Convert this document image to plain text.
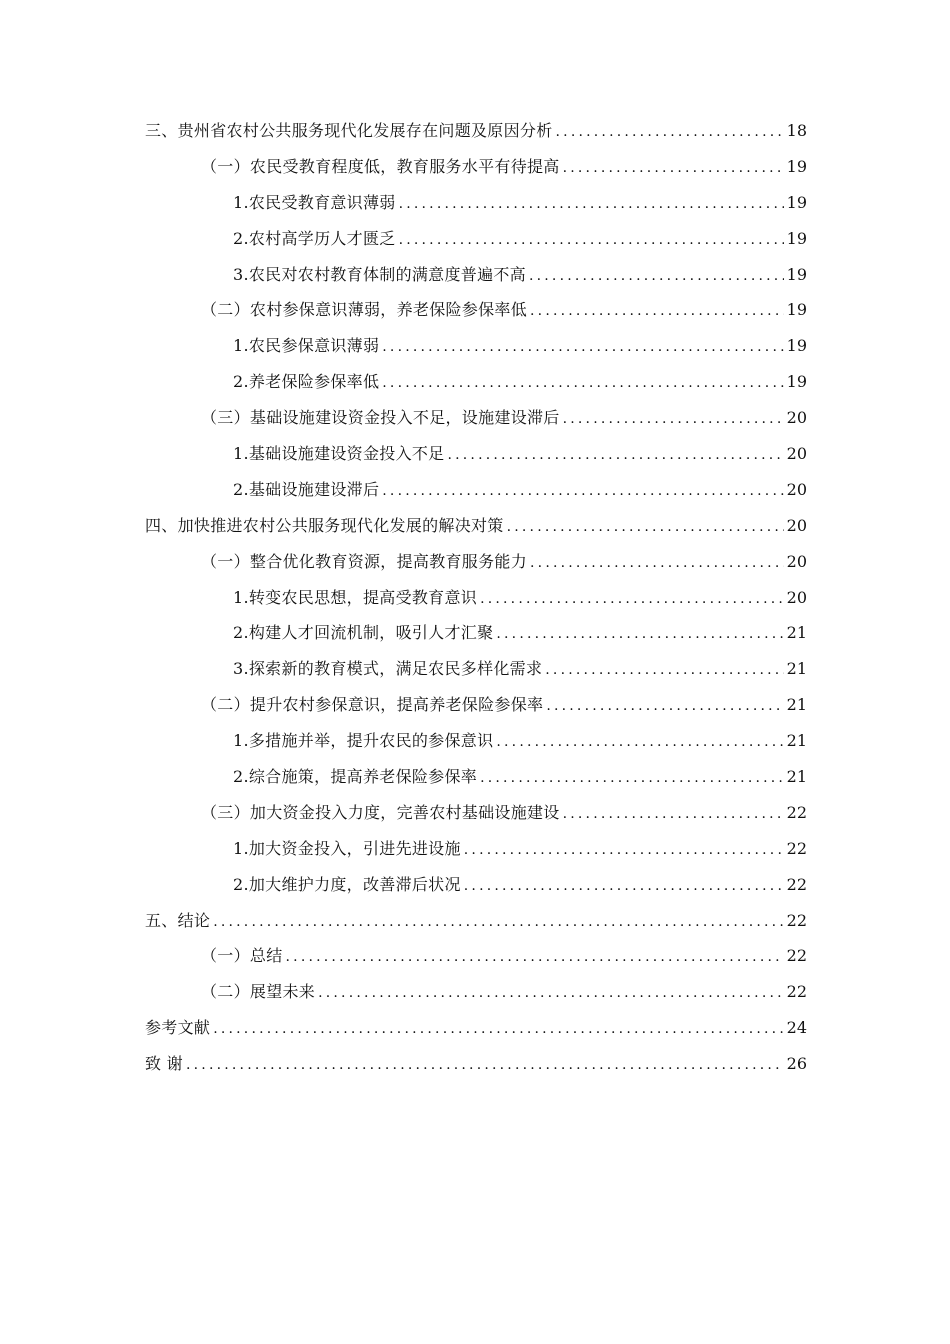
三、贵州省农村公共服务现代化发展存在问题及原因分析 .....	18
（一）农民受教育程度低，教育服务水平有待提高 .....	19
1.农民受教育意识薄弱 .....	19
2.农村高学历人才匮乏 .....	19
3.农民对农村教育体制的满意度普遍不高 .....	19
（二）农村参保意识薄弱，养老保险参保率低 .....	19
1.农民参保意识薄弱 .....	19
2.养老保险参保率低 .....	19
（三）基础设施建设资金投入不足，设施建设滞后 .....	20
1.基础设施建设资金投入不足 .....	20
2.基础设施建设滞后 .....	20
四、加快推进农村公共服务现代化发展的解决对策 .....	20
（一）整合优化教育资源，提高教育服务能力 .....	20
1.转变农民思想，提高受教育意识 .....	20
2.构建人才回流机制，吸引人才汇聚 .....	21
3.探索新的教育模式，满足农民多样化需求 .....	21
（二）提升农村参保意识，提高养老保险参保率 .....	21
1.多措施并举，提升农民的参保意识 .....	21
2.综合施策，提高养老保险参保率 .....	21
（三）加大资金投入力度，完善农村基础设施建设 .....	22
1.加大资金投入，引进先进设施 .....	22
2.加大维护力度，改善滞后状况 .....	22
五、结论 .....	22
（一）总结 .....	22
（二）展望未来 .....	22
参考文献 .....	24
致 谢 .....	26
